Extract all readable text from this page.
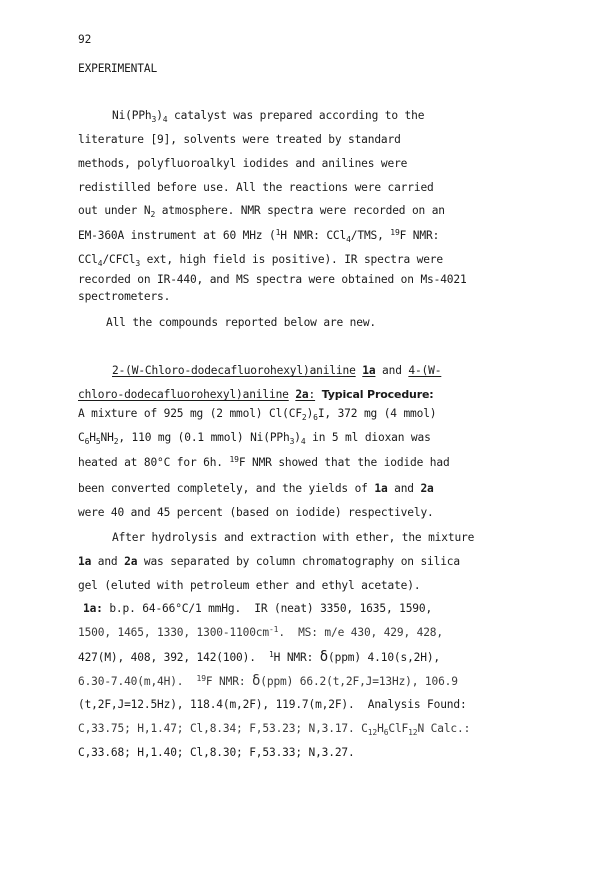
92
EXPERIMENTAL
$Ni(PPh_3)_4$ catalyst was prepared according to the
literature [9], solvents were treated by standard
methods, polyfluoroalkyl iodides and anilines were
redistilled before use. All the reactions were carried
out under $N_2$ atmosphere. NMR spectra were recorded on an
EM-360A instrument at 60 MHz ($^1$H NMR: CCl$_4$/TMS, $^{19}$F NMR:
CCl$_4$/CFCl$_3$ ext, high field is positive). IR spectra were
recorded on IR-440, and MS spectra were obtained on Ms-4021
spectrometers.
All the compounds reported below are new.
2-(W-Chloro-dodecafluorohexyl)aniline 1a and 4-(W-
chloro-dodecafluorohexyl)aniline 2a: Typical Procedure:
A mixture of 925 mg (2 mmol) $Cl(CF_2)_6I$, 372 mg (4 mmol)
$C_6H_5NH_2$, 110 mg (0.1 mmol) $Ni(PPh_3)_4$ in 5 ml dioxan was
heated at 80°C for 6h. $^{19}$F NMR showed that the iodide had
been converted completely, and the yields of 1a and 2a
were 40 and 45 percent (based on iodide) respectively.
After hydrolysis and extraction with ether, the mixture
1a and 2a was separated by column chromatography on silica
gel (eluted with petroleum ether and ethyl acetate).
1a: b.p. 64-66°C/1 mmHg.  IR (neat) 3350, 1635, 1590,
1500, 1465, 1330, $1300-1100cm^{-1}$.  MS: m/e 430, 429, 428,
427(M), 408, 392, 142(100).  $^1$H NMR: δ(ppm) 4.10(s,2H),
6.30-7.40(m,4H).  $^{19}$F NMR: δ(ppm) 66.2(t,2F,J=13Hz), 106.9
(t,2F,J=12.5Hz), 118.4(m,2F), 119.7(m,2F).  Analysis Found:
C,33.75; H,1.47; Cl,8.34; F,53.23; N,3.17. $C_{12}H_6ClF_{12}N$ Calc.:
C,33.68; H,1.40; Cl,8.30; F,53.33; N,3.27.
